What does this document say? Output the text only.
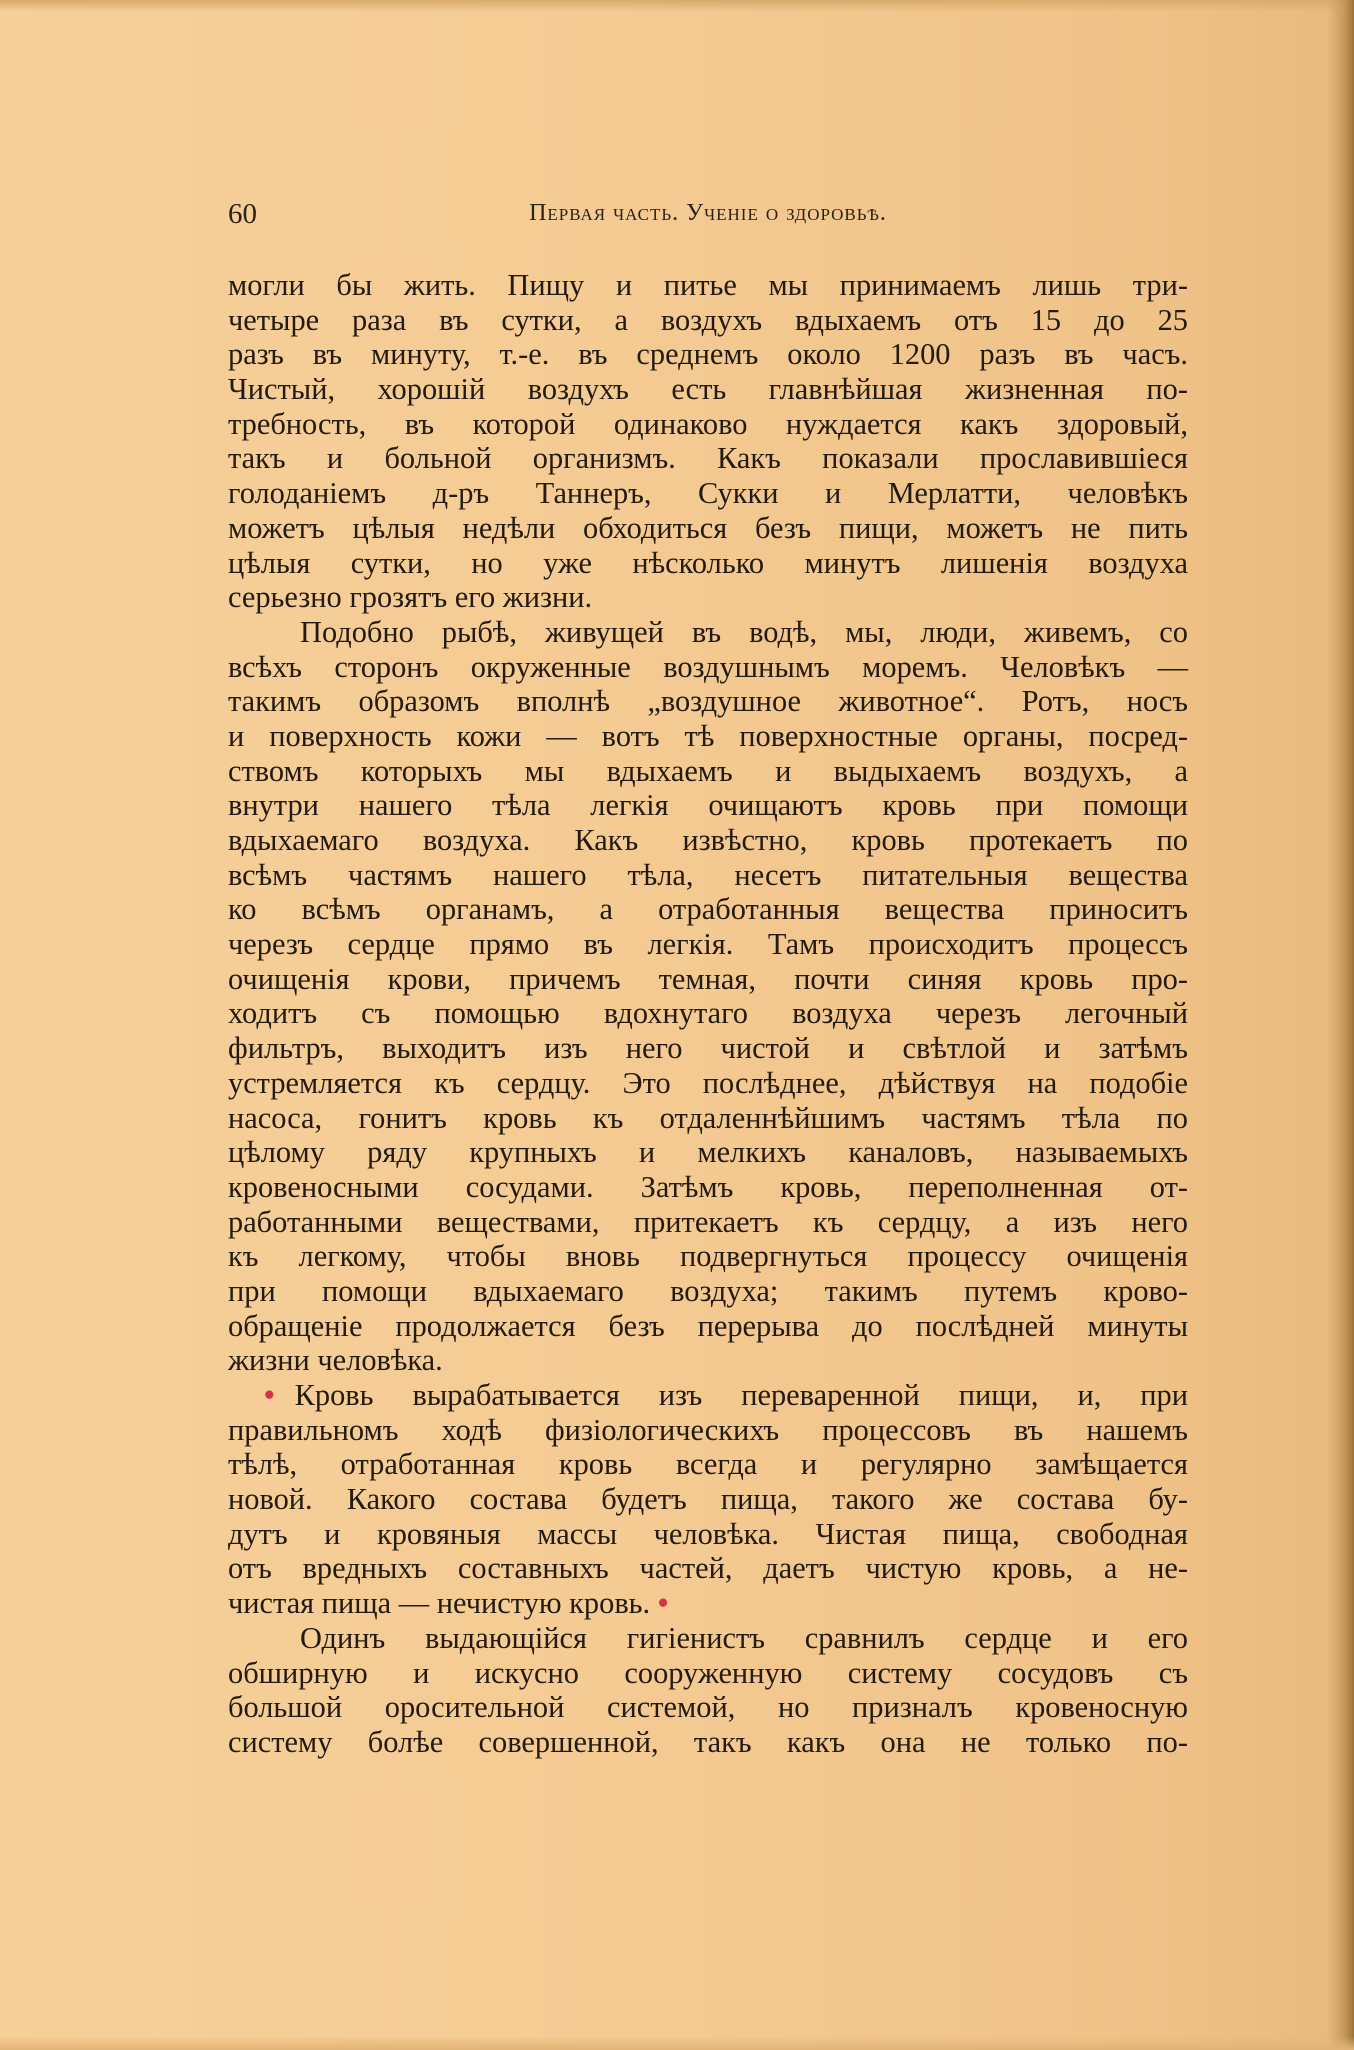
60	Первая часть. Ученіе о здоровьѣ.
могли бы жить. Пищу и питье мы принимаемъ лишь три-
четыре раза въ сутки, а воздухъ вдыхаемъ отъ 15 до 25
разъ въ минуту, т.-е. въ среднемъ около 1200 разъ въ часъ.
Чистый, хорошій воздухъ есть главнѣйшая жизненная по-
требность, въ которой одинаково нуждается какъ здоровый,
такъ и больной организмъ. Какъ показали прославившіеся
голоданіемъ д-ръ Таннеръ, Сукки и Мерлатти, человѣкъ
можетъ цѣлыя недѣли обходиться безъ пищи, можетъ не пить
цѣлыя сутки, но уже нѣсколько минутъ лишенія воздуха
серьезно грозятъ его жизни.
Подобно рыбѣ, живущей въ водѣ, мы, люди, живемъ, со
всѣхъ сторонъ окруженные воздушнымъ моремъ. Человѣкъ —
такимъ образомъ вполнѣ „воздушное животное“. Ротъ, носъ
и поверхность кожи — вотъ тѣ поверхностные органы, посред-
ствомъ которыхъ мы вдыхаемъ и выдыхаемъ воздухъ, а
внутри нашего тѣла легкія очищаютъ кровь при помощи
вдыхаемаго воздуха. Какъ извѣстно, кровь протекаетъ по
всѣмъ частямъ нашего тѣла, несетъ питательныя вещества
ко всѣмъ органамъ, а отработанныя вещества приноситъ
черезъ сердце прямо въ легкія. Тамъ происходитъ процессъ
очищенія крови, причемъ темная, почти синяя кровь про-
ходитъ съ помощью вдохнутаго воздуха черезъ легочный
фильтръ, выходитъ изъ него чистой и свѣтлой и затѣмъ
устремляется къ сердцу. Это послѣднее, дѣйствуя на подобіе
насоса, гонитъ кровь къ отдаленнѣйшимъ частямъ тѣла по
цѣлому ряду крупныхъ и мелкихъ каналовъ, называемыхъ
кровеносными сосудами. Затѣмъ кровь, переполненная от-
работанными веществами, притекаетъ къ сердцу, а изъ него
къ легкому, чтобы вновь подвергнуться процессу очищенія
при помощи вдыхаемаго воздуха; такимъ путемъ крово-
обращеніе продолжается безъ перерыва до послѣдней минуты
жизни человѣка.
• Кровь вырабатывается изъ переваренной пищи, и, при
правильномъ ходѣ физіологическихъ процессовъ въ нашемъ
тѣлѣ, отработанная кровь всегда и регулярно замѣщается
новой. Какого состава будетъ пища, такого же состава бу-
дутъ и кровяныя массы человѣка. Чистая пища, свободная
отъ вредныхъ составныхъ частей, даетъ чистую кровь, а не-
чистая пища — нечистую кровь. •
Одинъ выдающійся гигіенистъ сравнилъ сердце и его
обширную и искусно сооруженную систему сосудовъ съ
большой оросительной системой, но призналъ кровеносную
систему болѣе совершенной, такъ какъ она не только по-
